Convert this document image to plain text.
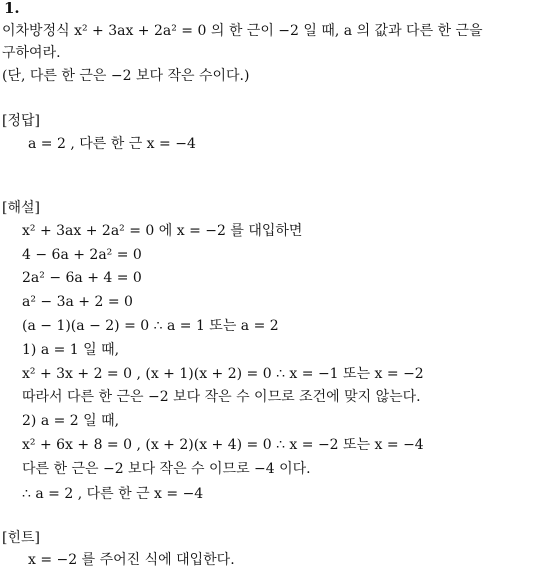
1.
이차방정식 x² + 3ax + 2a² = 0 의 한 근이 −2 일 때, a 의 값과 다른 한 근을
구하여라.
(단, 다른 한 근은 −2 보다 작은 수이다.)
[정답]
a = 2 , 다른 한 근 x = −4
[해설]
x² + 3ax + 2a² = 0 에 x = −2 를 대입하면
4 − 6a + 2a² = 0
2a² − 6a + 4 = 0
a² − 3a + 2 = 0
(a − 1)(a − 2) = 0 ∴ a = 1 또는 a = 2
1) a = 1 일 때,
x² + 3x + 2 = 0 , (x + 1)(x + 2) = 0 ∴ x = −1 또는 x = −2
따라서 다른 한 근은 −2 보다 작은 수 이므로 조건에 맞지 않는다.
2) a = 2 일 때,
x² + 6x + 8 = 0 , (x + 2)(x + 4) = 0 ∴ x = −2 또는 x = −4
다른 한 근은 −2 보다 작은 수 이므로 −4 이다.
∴ a = 2 , 다른 한 근 x = −4
[힌트]
x = −2 를 주어진 식에 대입한다.
